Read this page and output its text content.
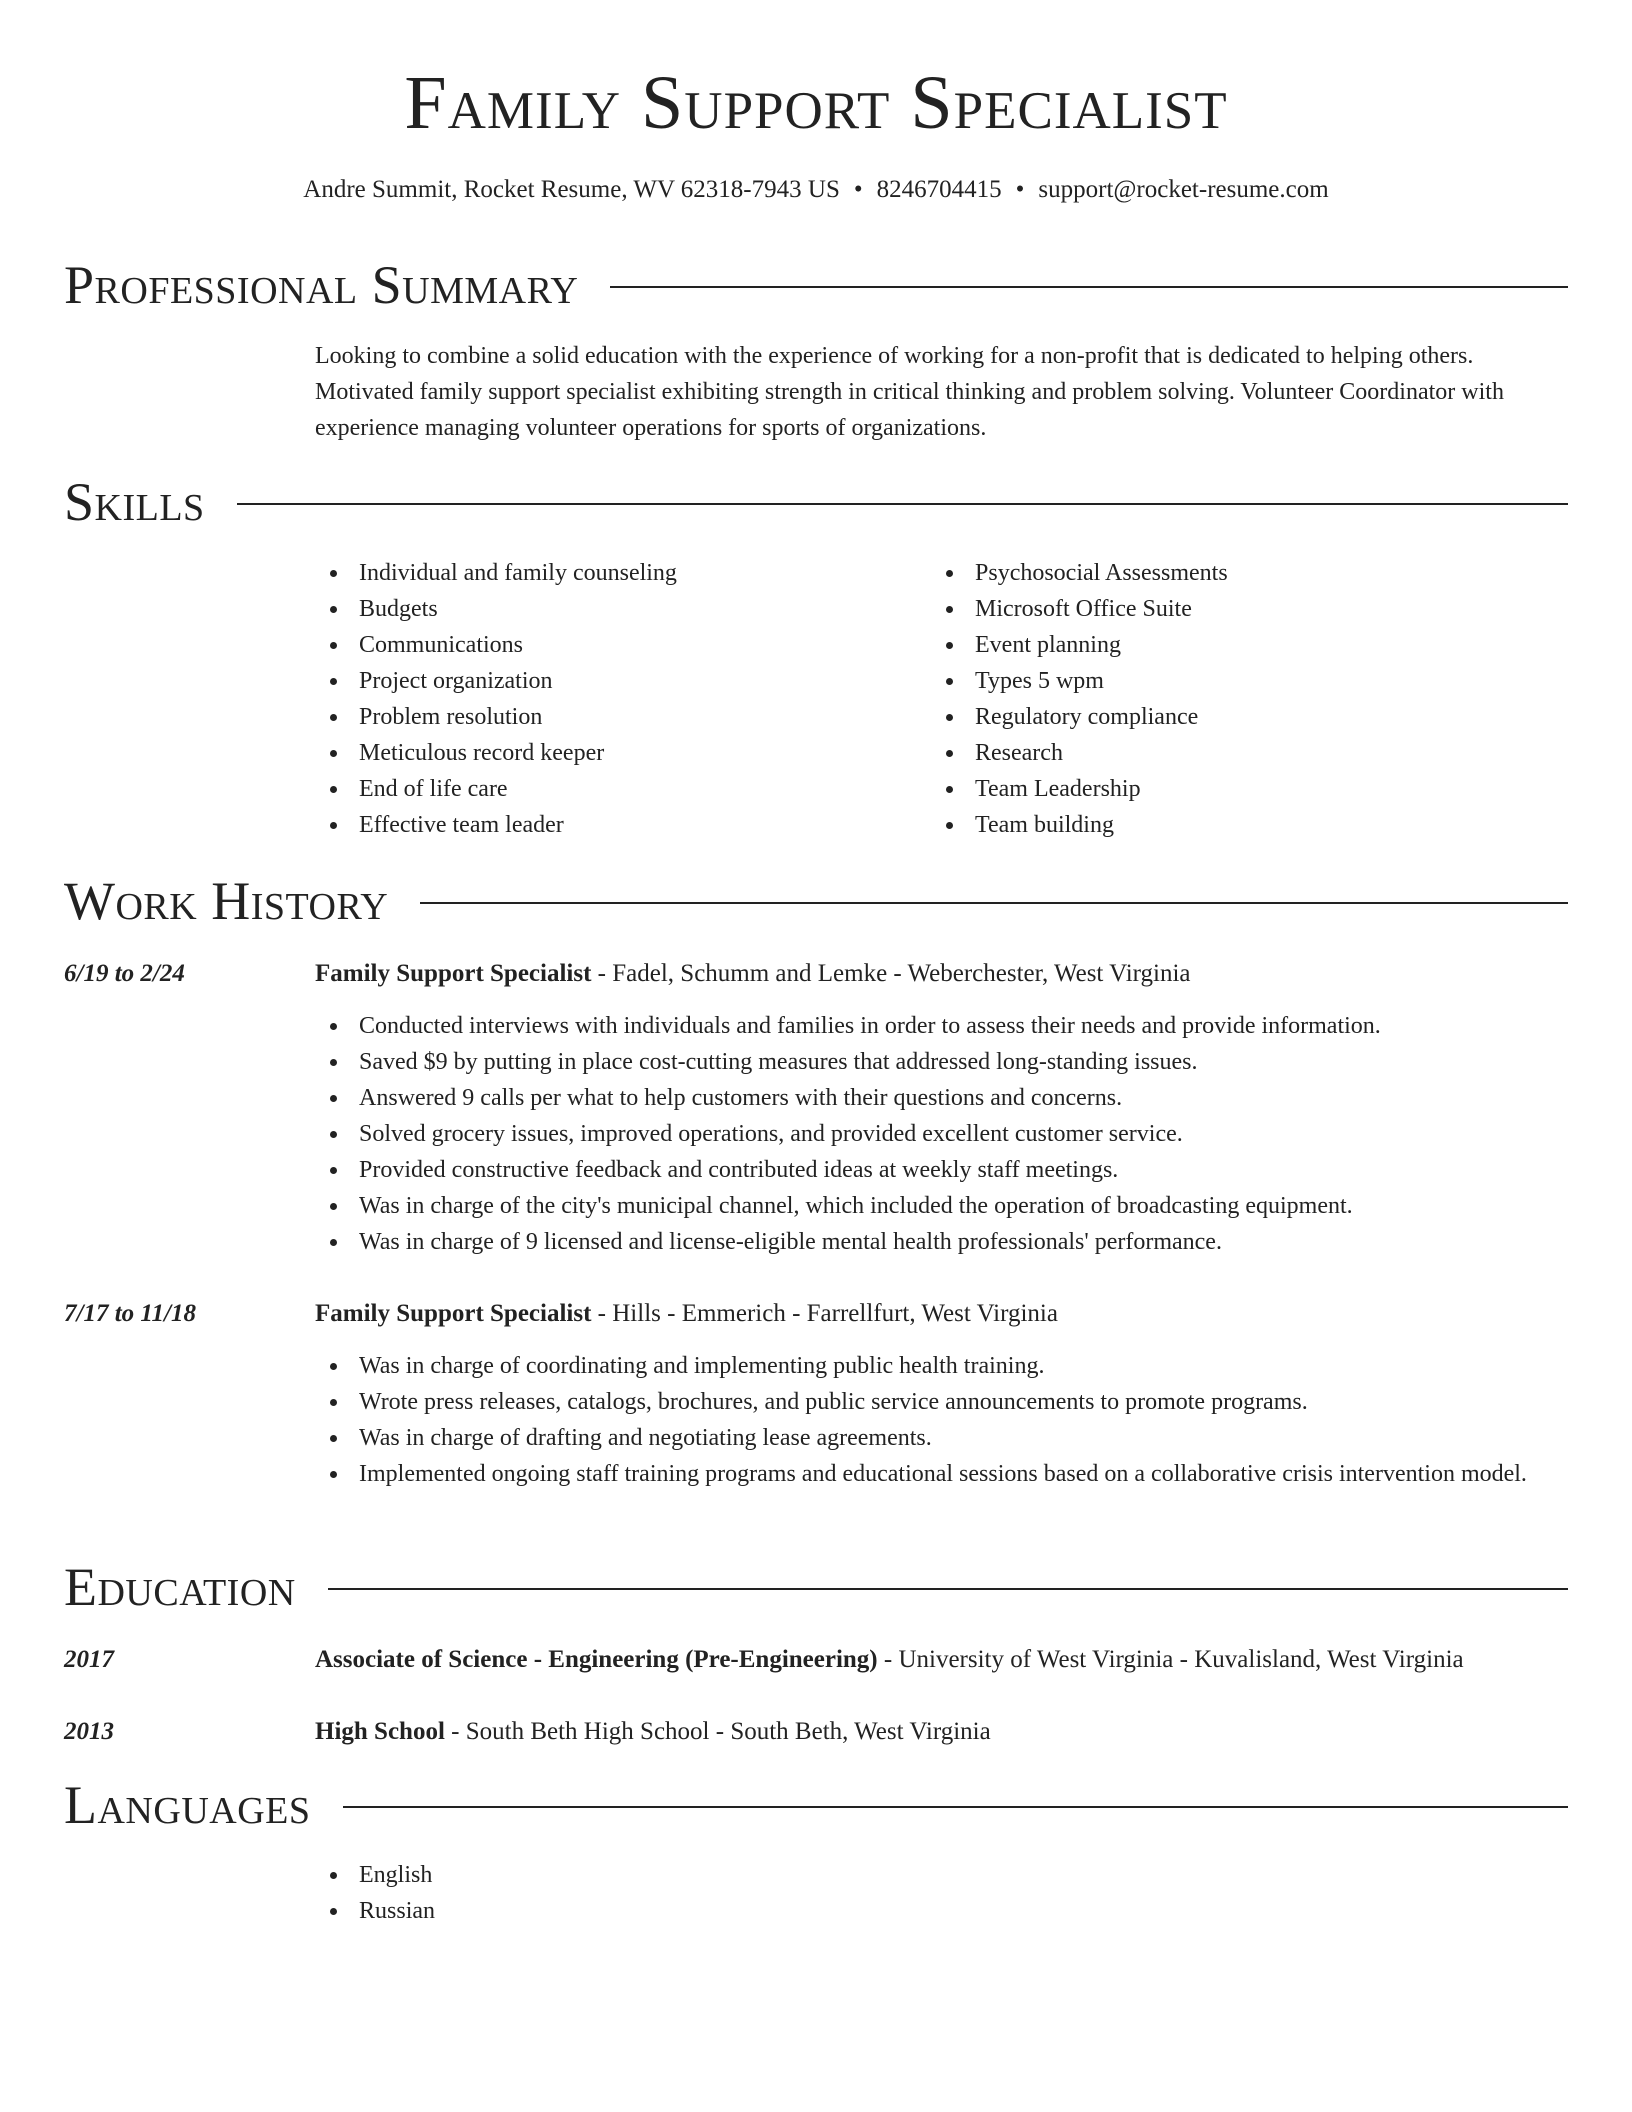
Family Support Specialist
Andre Summit, Rocket Resume, WV 62318-7943 US • 8246704415 • support@rocket-resume.com
Professional Summary
Looking to combine a solid education with the experience of working for a non-profit that is dedicated to helping others. Motivated family support specialist exhibiting strength in critical thinking and problem solving. Volunteer Coordinator with experience managing volunteer operations for sports of organizations.
Skills
Individual and family counseling
Budgets
Communications
Project organization
Problem resolution
Meticulous record keeper
End of life care
Effective team leader
Psychosocial Assessments
Microsoft Office Suite
Event planning
Types 5 wpm
Regulatory compliance
Research
Team Leadership
Team building
Work History
6/19 to 2/24	Family Support Specialist - Fadel, Schumm and Lemke - Weberchester, West Virginia
Conducted interviews with individuals and families in order to assess their needs and provide information.
Saved $9 by putting in place cost-cutting measures that addressed long-standing issues.
Answered 9 calls per what to help customers with their questions and concerns.
Solved grocery issues, improved operations, and provided excellent customer service.
Provided constructive feedback and contributed ideas at weekly staff meetings.
Was in charge of the city's municipal channel, which included the operation of broadcasting equipment.
Was in charge of 9 licensed and license-eligible mental health professionals' performance.
7/17 to 11/18	Family Support Specialist - Hills - Emmerich - Farrellfurt, West Virginia
Was in charge of coordinating and implementing public health training.
Wrote press releases, catalogs, brochures, and public service announcements to promote programs.
Was in charge of drafting and negotiating lease agreements.
Implemented ongoing staff training programs and educational sessions based on a collaborative crisis intervention model.
Education
2017	Associate of Science - Engineering (Pre-Engineering) - University of West Virginia - Kuvalisland, West Virginia
2013	High School - South Beth High School - South Beth, West Virginia
Languages
English
Russian
